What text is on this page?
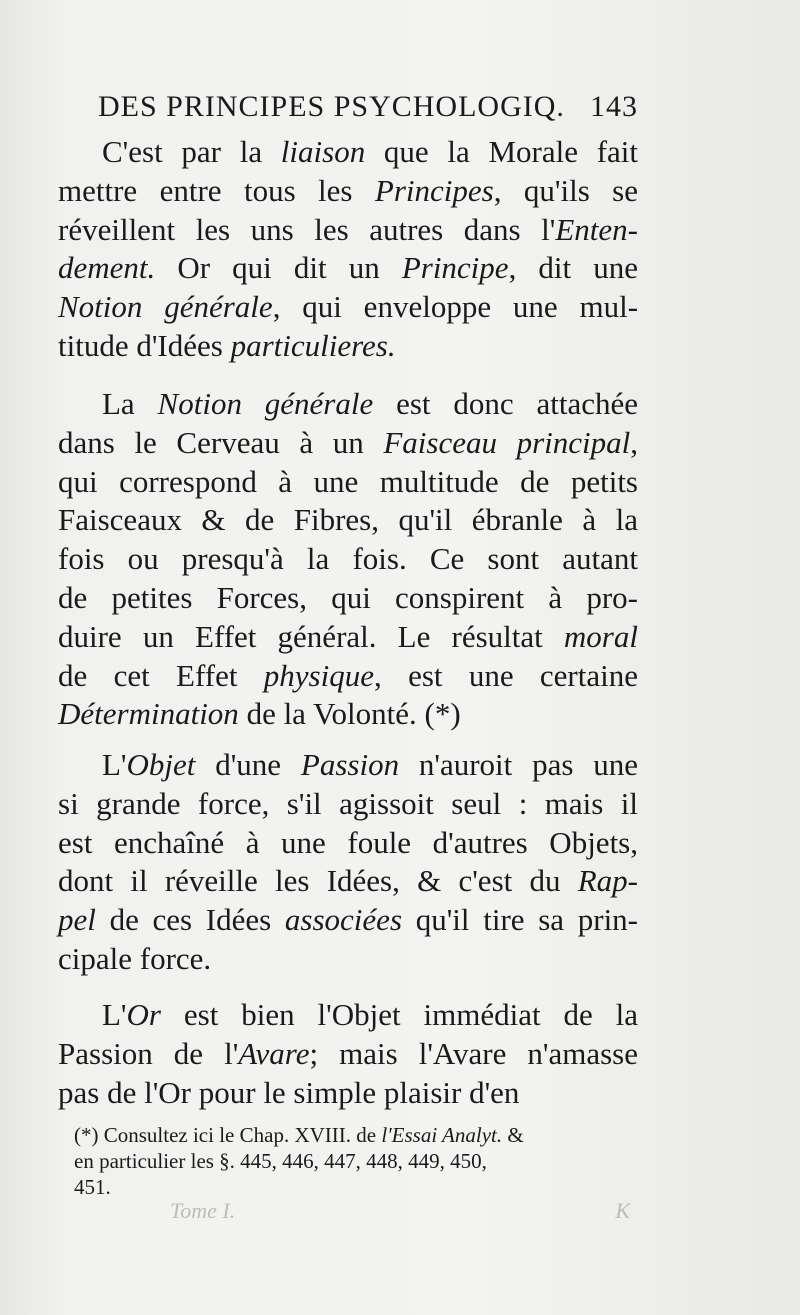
DES PRINCIPES PSYCHOLOGIQ. 143

C'est par la liaison que la Morale fait
mettre entre tous les Principes, qu'ils se
réveillent les uns les autres dans l'Enten-
dement. Or qui dit un Principe, dit une
Notion générale, qui enveloppe une mul-
titude d'Idées particulieres.

La Notion générale est donc attachée
dans le Cerveau à un Faisceau principal,
qui correspond à une multitude de petits
Faisceaux & de Fibres, qu'il ébranle à la
fois ou presqu'à la fois. Ce sont autant
de petites Forces, qui conspirent à pro-
duire un Effet général. Le résultat moral
de cet Effet physique, est une certaine
Détermination de la Volonté. (*)

L'Objet d'une Passion n'auroit pas une
si grande force, s'il agissoit seul : mais il
est enchaîné à une foule d'autres Objets,
dont il réveille les Idées, & c'est du Rap-
pel de ces Idées associées qu'il tire sa prin-
cipale force.

L'Or est bien l'Objet immédiat de la
Passion de l'Avare; mais l'Avare n'amasse
pas de l'Or pour le simple plaisir d'en

(*) Consultez ici le Chap. XVIII. de l'Essai Analyt. &
en particulier les §. 445, 446, 447, 448, 449, 450,
451.
Tome I.	K
